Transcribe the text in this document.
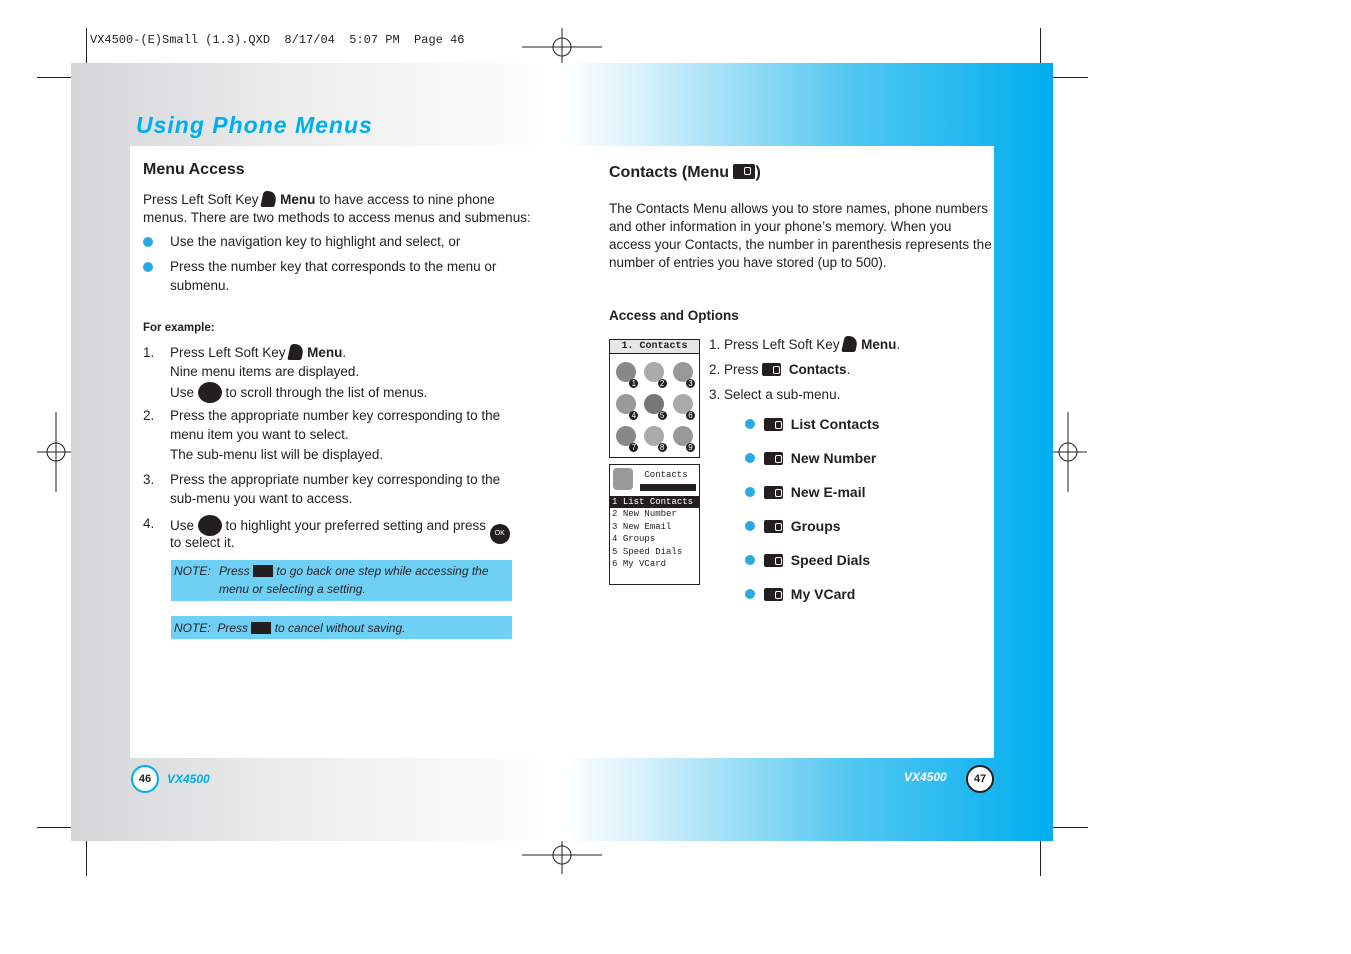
VX4500-(E)Small (1.3).QXD  8/17/04  5:07 PM  Page 46
Using Phone Menus
Menu Access
Press Left Soft Key Menu to have access to nine phone
menus. There are two methods to access menus and submenus:
Use the navigation key to highlight and select, or
Press the number key that corresponds to the menu or
submenu.
For example:
1. Press Left Soft Key Menu.
Nine menu items are displayed.
Use to scroll through the list of menus.
2. Press the appropriate number key corresponding to the
menu item you want to select.
The sub-menu list will be displayed.
3. Press the appropriate number key corresponding to the
sub-menu you want to access.
4. Use to highlight your preferred setting and press OK
to select it.
NOTE: Press to go back one step while accessing the
menu or selecting a setting.
NOTE: Press to cancel without saving.
Contacts (Menu )
The Contacts Menu allows you to store names, phone numbers
and other information in your phone’s memory. When you
access your Contacts, the number in parenthesis represents the
number of entries you have stored (up to 500).
Access and Options
1. Contacts
1	2	3
4	5	6
7	8	9
Contacts
1 List Contacts
2 New Number
3 New Email
4 Groups
5 Speed Dials
6 My VCard
1. Press Left Soft Key Menu.
2. Press Contacts.
3. Select a sub-menu.
List Contacts
New Number
New E-mail
Groups
Speed Dials
My VCard
46	VX4500	VX4500	47
